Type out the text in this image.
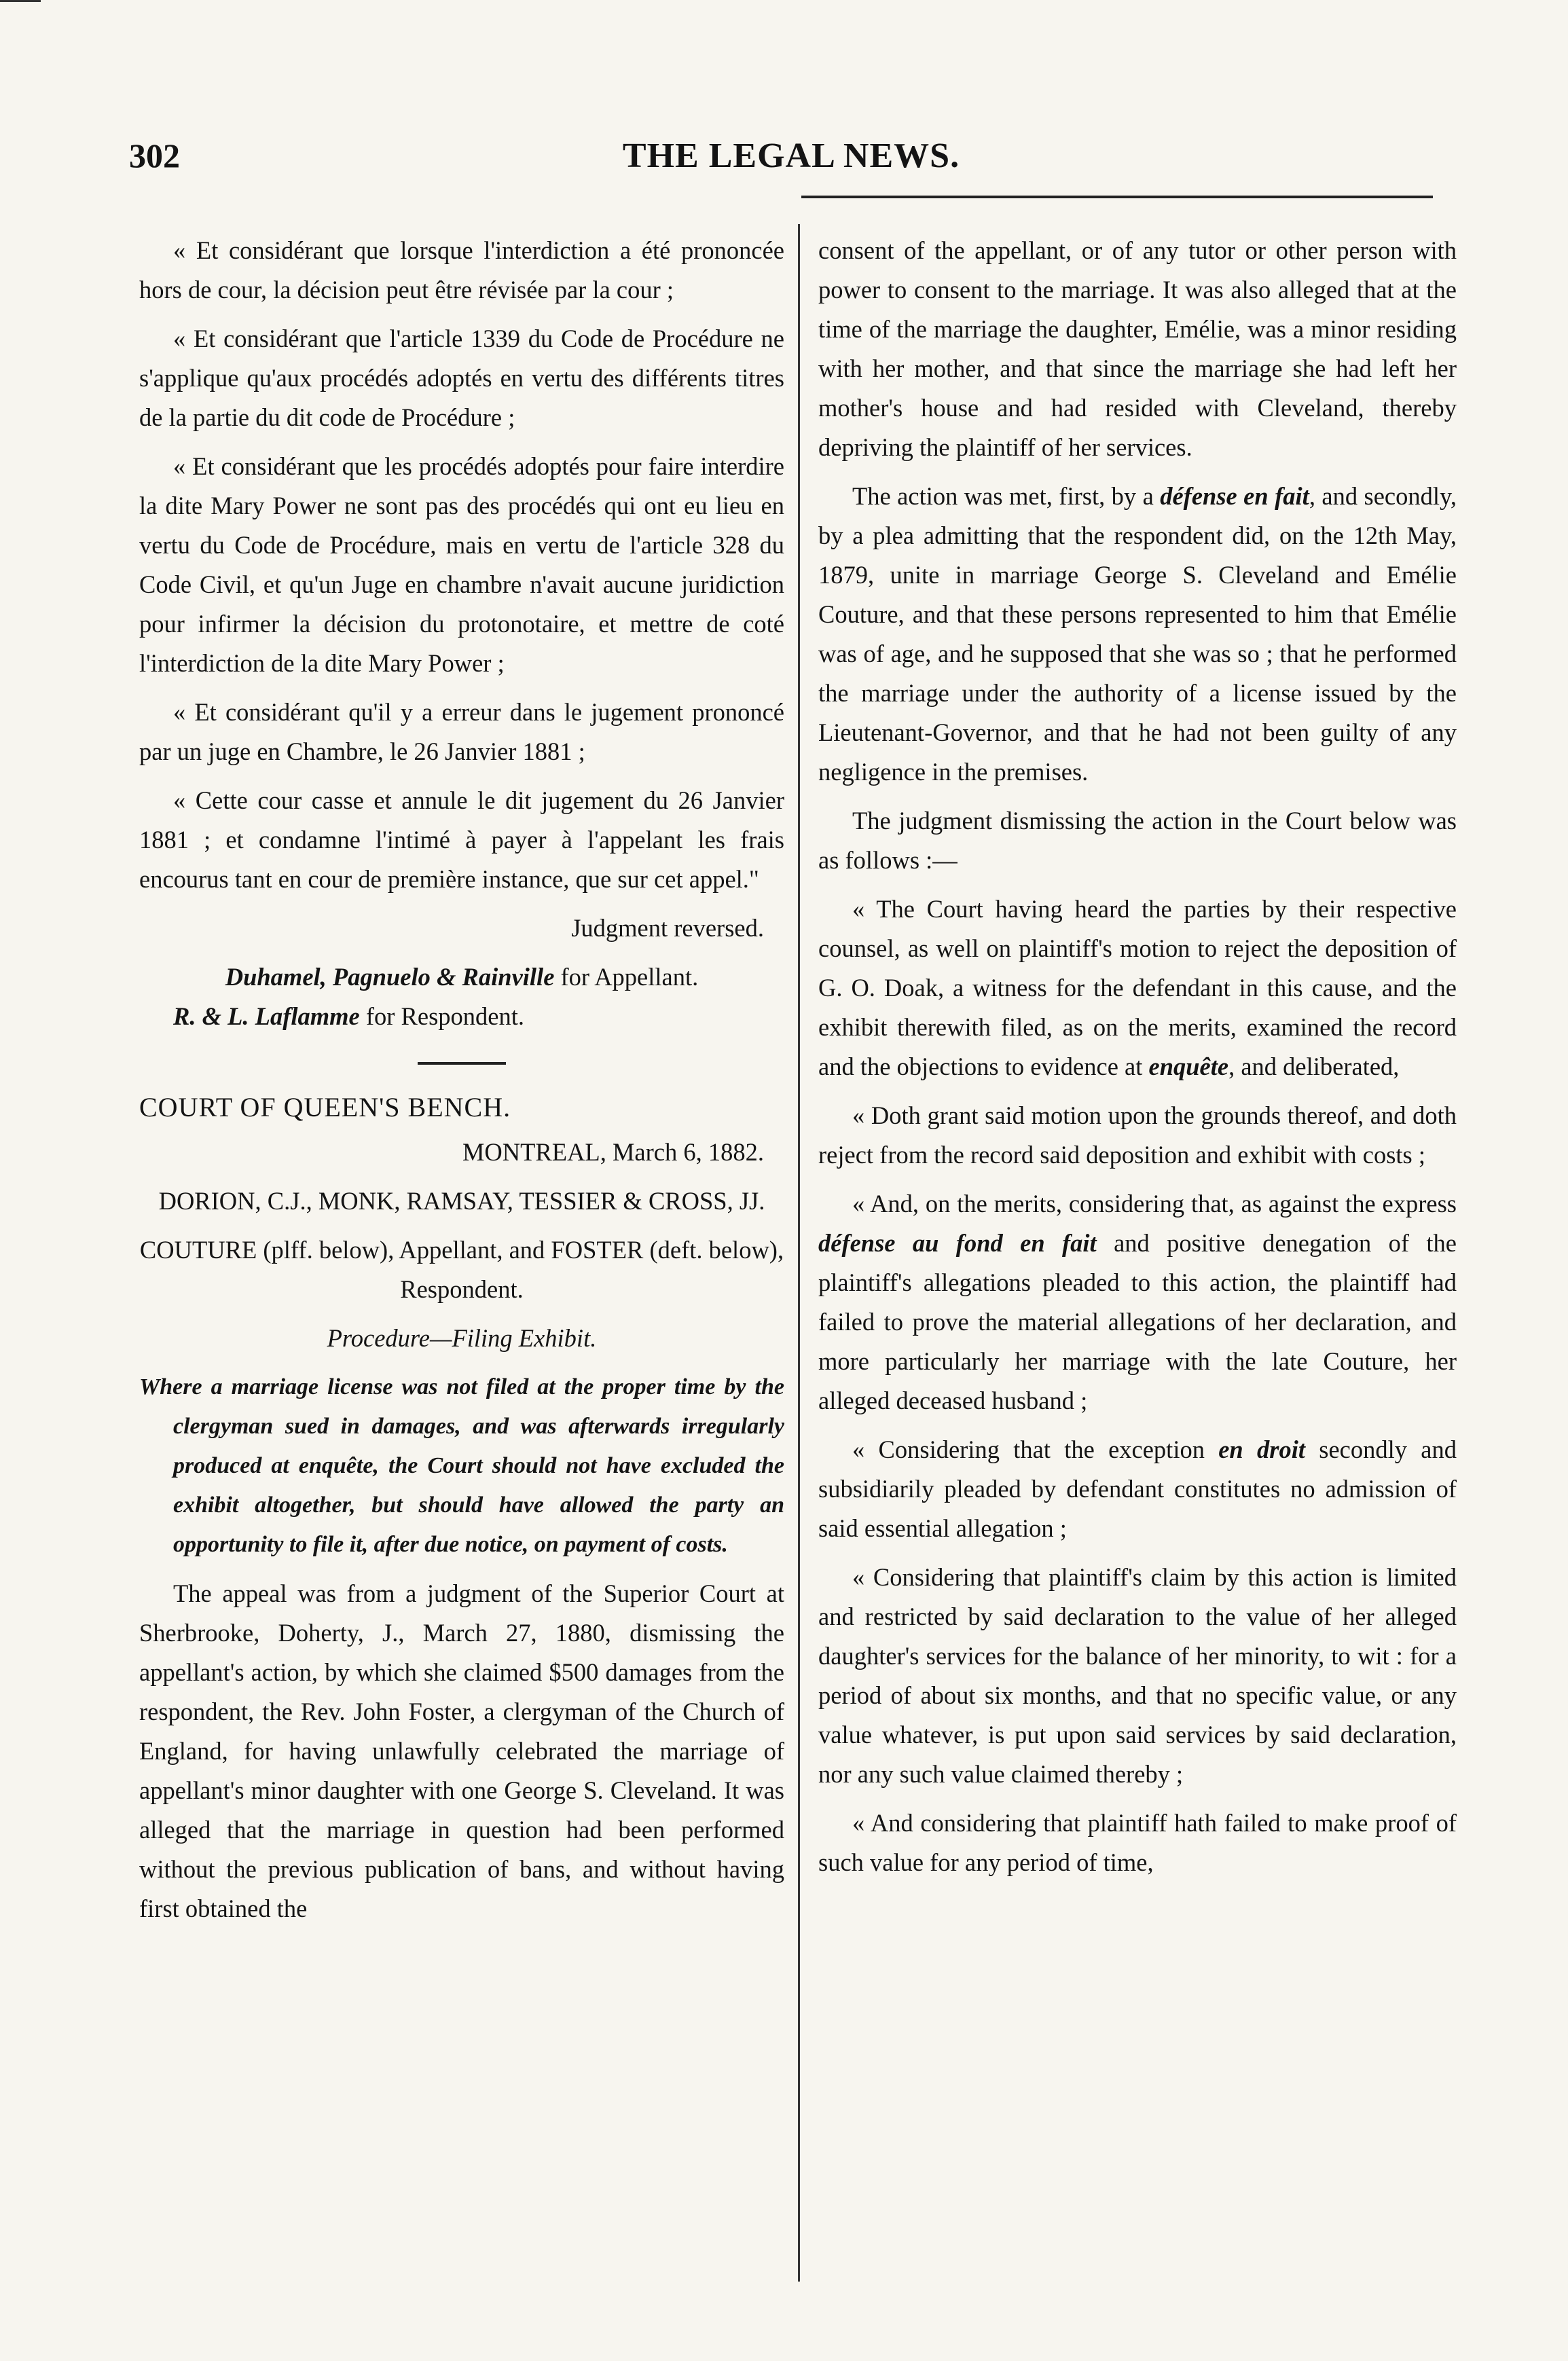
302	THE LEGAL NEWS.

« Et considérant que lorsque l'interdiction a été prononcée hors de cour, la décision peut être révisée par la cour ;

« Et considérant que l'article 1339 du Code de Procédure ne s'applique qu'aux procédés adoptés en vertu des différents titres de la partie du dit code de Procédure ;

« Et considérant que les procédés adoptés pour faire interdire la dite Mary Power ne sont pas des procédés qui ont eu lieu en vertu du Code de Procédure, mais en vertu de l'article 328 du Code Civil, et qu'un Juge en chambre n'avait aucune juridiction pour infirmer la décision du protonotaire, et mettre de coté l'interdiction de la dite Mary Power ;

« Et considérant qu'il y a erreur dans le jugement prononcé par un juge en Chambre, le 26 Janvier 1881 ;

« Cette cour casse et annule le dit jugement du 26 Janvier 1881 ; et condamne l'intimé à payer à l'appelant les frais encourus tant en cour de première instance, que sur cet appel."

Judgment reversed.

Duhamel, Pagnuelo & Rainville for Appellant.

R. & L. Laflamme for Respondent.

COURT OF QUEEN'S BENCH.

MONTREAL, March 6, 1882.

DORION, C.J., MONK, RAMSAY, TESSIER & CROSS, JJ.

COUTURE (plff. below), Appellant, and FOSTER (deft. below), Respondent.

Procedure—Filing Exhibit.

Where a marriage license was not filed at the proper time by the clergyman sued in damages, and was afterwards irregularly produced at enquête, the Court should not have excluded the exhibit altogether, but should have allowed the party an opportunity to file it, after due notice, on payment of costs.

The appeal was from a judgment of the Superior Court at Sherbrooke, Doherty, J., March 27, 1880, dismissing the appellant's action, by which she claimed $500 damages from the respondent, the Rev. John Foster, a clergyman of the Church of England, for having unlawfully celebrated the marriage of appellant's minor daughter with one George S. Cleveland. It was alleged that the marriage in question had been performed without the previous publication of bans, and without having first obtained the

consent of the appellant, or of any tutor or other person with power to consent to the marriage. It was also alleged that at the time of the marriage the daughter, Emélie, was a minor residing with her mother, and that since the marriage she had left her mother's house and had resided with Cleveland, thereby depriving the plaintiff of her services.

The action was met, first, by a défense en fait, and secondly, by a plea admitting that the respondent did, on the 12th May, 1879, unite in marriage George S. Cleveland and Emélie Couture, and that these persons represented to him that Emélie was of age, and he supposed that she was so ; that he performed the marriage under the authority of a license issued by the Lieutenant-Governor, and that he had not been guilty of any negligence in the premises.

The judgment dismissing the action in the Court below was as follows :—

« The Court having heard the parties by their respective counsel, as well on plaintiff's motion to reject the deposition of G. O. Doak, a witness for the defendant in this cause, and the exhibit therewith filed, as on the merits, examined the record and the objections to evidence at enquête, and deliberated,

« Doth grant said motion upon the grounds thereof, and doth reject from the record said deposition and exhibit with costs ;

« And, on the merits, considering that, as against the express défense au fond en fait and positive denegation of the plaintiff's allegations pleaded to this action, the plaintiff had failed to prove the material allegations of her declaration, and more particularly her marriage with the late Couture, her alleged deceased husband ;

« Considering that the exception en droit secondly and subsidiarily pleaded by defendant constitutes no admission of said essential allegation ;

« Considering that plaintiff's claim by this action is limited and restricted by said declaration to the value of her alleged daughter's services for the balance of her minority, to wit : for a period of about six months, and that no specific value, or any value whatever, is put upon said services by said declaration, nor any such value claimed thereby ;

« And considering that plaintiff hath failed to make proof of such value for any period of time,
